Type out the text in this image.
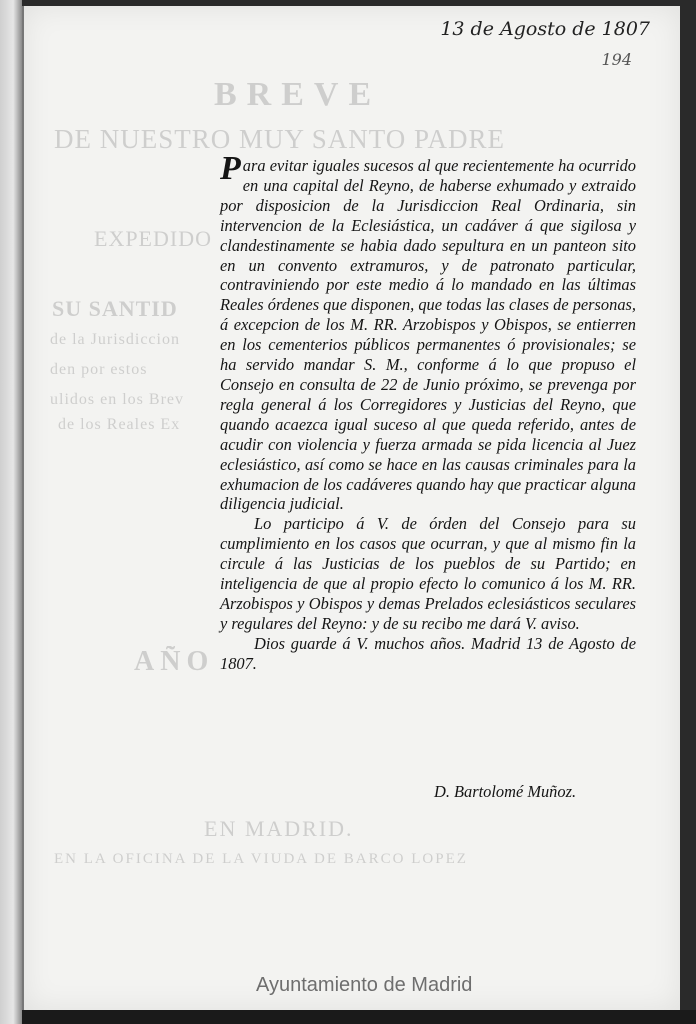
BREVE
DE NUESTRO MUY SANTO PADRE
EXPEDIDO
SU SANTID
de la Jurisdiccion
den por estos
ulidos en los Brev
de los Reales Ex
AÑO
EN MADRID.
EN LA OFICINA DE LA VIUDA DE BARCO LOPEZ
13 de Agosto de 1807
194

Para evitar iguales sucesos al que recientemente ha ocurrido en una capital del Reyno, de haberse exhumado y extraido por disposicion de la Jurisdiccion Real Ordinaria, sin intervencion de la Eclesiástica, un cadáver á que sigilosa y clandestinamente se habia dado sepultura en un panteon sito en un convento extramuros, y de patronato particular, contraviniendo por este medio á lo mandado en las últimas Reales órdenes que disponen, que todas las clases de personas, á excepcion de los M. RR. Arzobispos y Obispos, se entierren en los cementerios públicos permanentes ó provisionales; se ha servido mandar S. M., conforme á lo que propuso el Consejo en consulta de 22 de Junio próximo, se prevenga por regla general á los Corregidores y Justicias del Reyno, que quando acaezca igual suceso al que queda referido, antes de acudir con violencia y fuerza armada se pida licencia al Juez eclesiástico, así como se hace en las causas criminales para la exhumacion de los cadáveres quando hay que practicar alguna diligencia judicial.

Lo participo á V. de órden del Consejo para su cumplimiento en los casos que ocurran, y que al mismo fin la circule á las Justicias de los pueblos de su Partido; en inteligencia de que al propio efecto lo comunico á los M. RR. Arzobispos y Obispos y demas Prelados eclesiásticos seculares y regulares del Reyno: y de su recibo me dará V. aviso.

Dios guarde á V. muchos años. Madrid 13 de Agosto de 1807.

D. Bartolomé Muñoz.
Ayuntamiento de Madrid
